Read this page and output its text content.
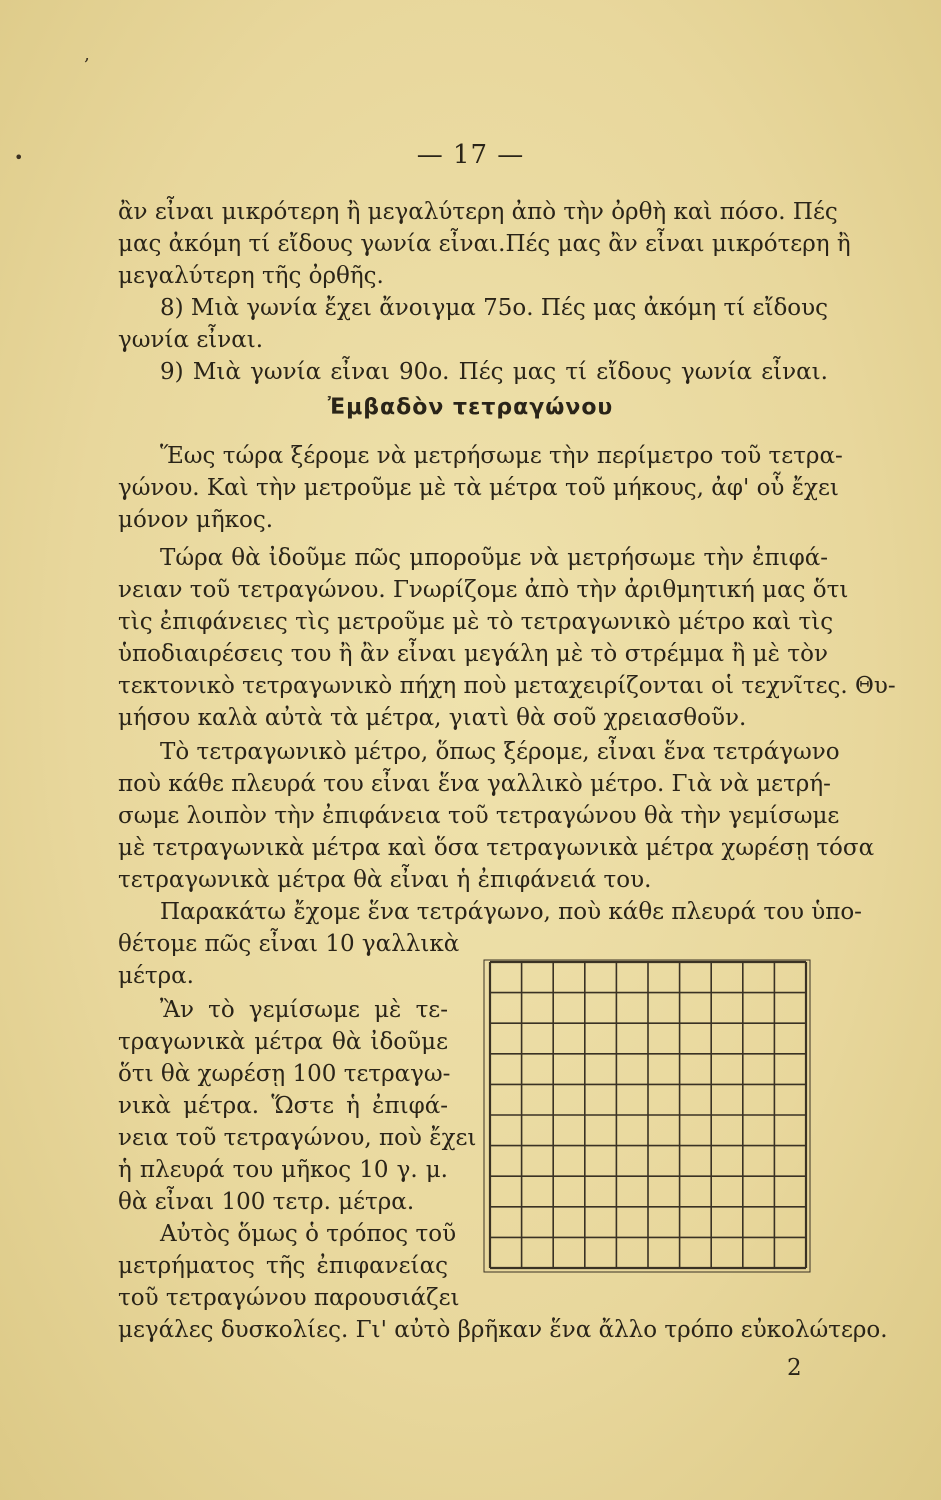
— 17 —
ἂν εἶναι μικρότερη ἢ μεγαλύτερη ἀπὸ τὴν ὀρθὴ καὶ πόσο. Πές
μας ἀκόμη τί εἴδους γωνία εἶναι.Πές μας ἂν εἶναι μικρότερη ἢ
μεγαλύτερη τῆς ὀρθῆς.
8) Μιὰ γωνία ἔχει ἄνοιγμα 75ο. Πές μας ἀκόμη τί εἴδους
γωνία εἶναι.
9) Μιὰ γωνία εἶναι 90ο. Πές μας τί εἴδους γωνία εἶναι.
Ἐμβαδὸν τετραγώνου
Ἕως τώρα ξέρομε νὰ μετρήσωμε τὴν περίμετρο τοῦ τετρα-
γώνου. Καὶ τὴν μετροῦμε μὲ τὰ μέτρα τοῦ μήκους, ἀφ' οὗ ἔχει
μόνον μῆκος.
Τώρα θὰ ἰδοῦμε πῶς μποροῦμε νὰ μετρήσωμε τὴν ἐπιφά-
νειαν τοῦ τετραγώνου. Γνωρίζομε ἀπὸ τὴν ἀριθμητική μας ὅτι
τὶς ἐπιφάνειες τὶς μετροῦμε μὲ τὸ τετραγωνικὸ μέτρο καὶ τὶς
ὑποδιαιρέσεις του ἢ ἂν εἶναι μεγάλη μὲ τὸ στρέμμα ἢ μὲ τὸν
τεκτονικὸ τετραγωνικὸ πήχη ποὺ μεταχειρίζονται οἱ τεχνῖτες. Θυ-
μήσου καλὰ αὐτὰ τὰ μέτρα, γιατὶ θὰ σοῦ χρειασθοῦν.
Τὸ τετραγωνικὸ μέτρο, ὅπως ξέρομε, εἶναι ἕνα τετράγωνο
ποὺ κάθε πλευρά του εἶναι ἕνα γαλλικὸ μέτρο. Γιὰ νὰ μετρή-
σωμε λοιπὸν τὴν ἐπιφάνεια τοῦ τετραγώνου θὰ τὴν γεμίσωμε
μὲ τετραγωνικὰ μέτρα καὶ ὅσα τετραγωνικὰ μέτρα χωρέσῃ τόσα
τετραγωνικὰ μέτρα θὰ εἶναι ἡ ἐπιφάνειά του.
Παρακάτω ἔχομε ἕνα τετράγωνο, ποὺ κάθε πλευρά του ὑπο-
θέτομε πῶς εἶναι 10 γαλλικὰ
μέτρα.
Ἂν τὸ γεμίσωμε μὲ τε-
τραγωνικὰ μέτρα θὰ ἰδοῦμε
ὅτι θὰ χωρέσῃ 100 τετραγω-
νικὰ μέτρα. Ὥστε ἡ ἐπιφά-
νεια τοῦ τετραγώνου, ποὺ ἔχει
ἡ πλευρά του μῆκος 10 γ. μ.
θὰ εἶναι 100 τετρ. μέτρα.
Αὐτὸς ὅμως ὁ τρόπος τοῦ
μετρήματος τῆς ἐπιφανείας
τοῦ τετραγώνου παρουσιάζει
μεγάλες δυσκολίες. Γι' αὐτὸ βρῆκαν ἕνα ἄλλο τρόπο εὐκολώτερο.
2
‚
•
